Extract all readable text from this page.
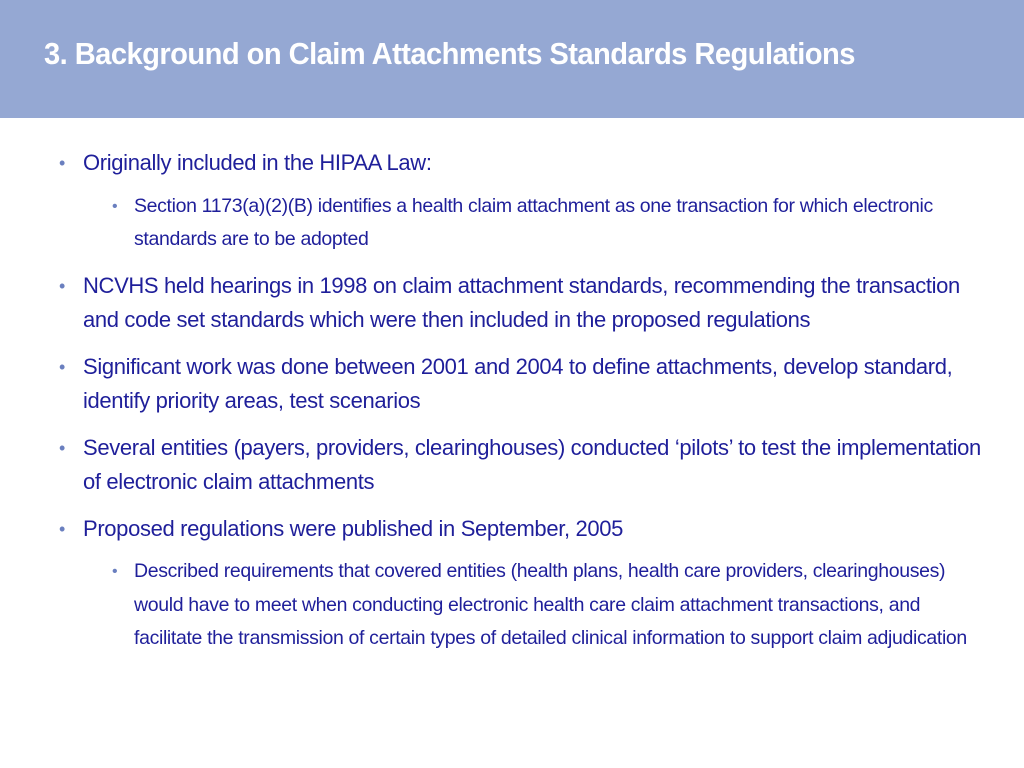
3. Background on Claim Attachments Standards Regulations
• Originally included in the HIPAA Law:
• Section 1173(a)(2)(B) identifies a health claim attachment as one transaction for which electronic standards are to be adopted
• NCVHS held hearings in 1998 on claim attachment standards, recommending the transaction and code set standards which were then included in the proposed regulations
• Significant work was done between 2001 and 2004 to define attachments, develop standard, identify priority areas, test scenarios
• Several entities (payers, providers, clearinghouses) conducted ‘pilots’ to test the implementation of electronic claim attachments
• Proposed regulations were published in September, 2005
• Described requirements that covered entities (health plans, health care providers, clearinghouses) would have to meet when conducting electronic health care claim attachment transactions, and facilitate the transmission of certain types of detailed clinical information to support claim adjudication
